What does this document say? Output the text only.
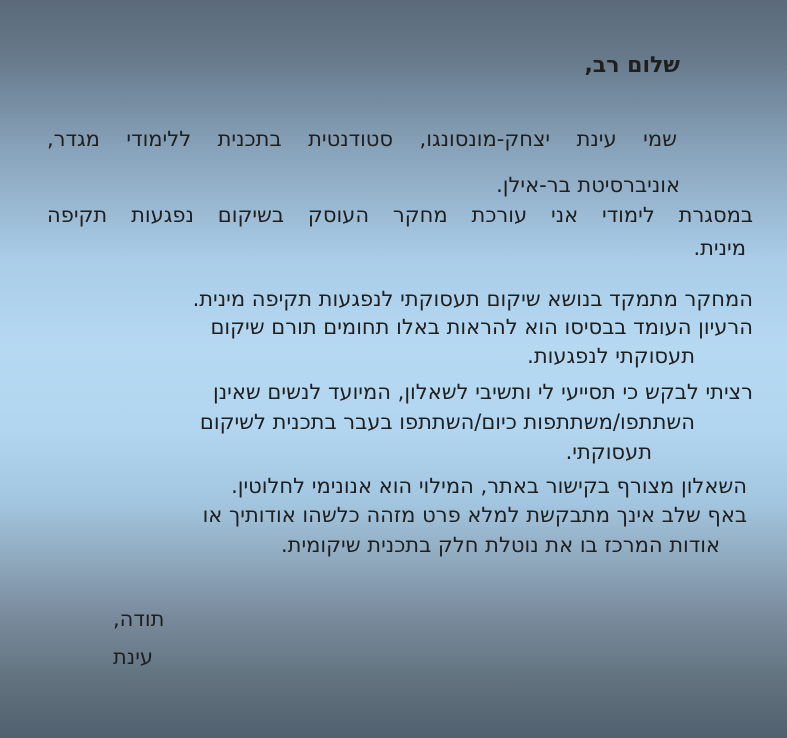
שלום רב,
שמי עינת יצחק-מונסונגו, סטודנטית בתכנית ללימודי מגדר,
אוניברסיטת בר-אילן.
במסגרת לימודי אני עורכת מחקר העוסק בשיקום נפגעות תקיפה
מינית.
המחקר מתמקד בנושא שיקום תעסוקתי לנפגעות תקיפה מינית.
הרעיון העומד בבסיסו הוא להראות באלו תחומים תורם שיקום
תעסוקתי לנפגעות.
רציתי לבקש כי תסייעי לי ותשיבי לשאלון, המיועד לנשים שאינן
השתתפו/משתתפות כיום/השתתפו בעבר בתכנית לשיקום
תעסוקתי.
השאלון מצורף בקישור באתר, המילוי הוא אנונימי לחלוטין.
באף שלב אינך מתבקשת למלא פרט מזהה כלשהו אודותיך או
אודות המרכז בו את נוטלת חלק בתכנית שיקומית.
תודה,
עינת
